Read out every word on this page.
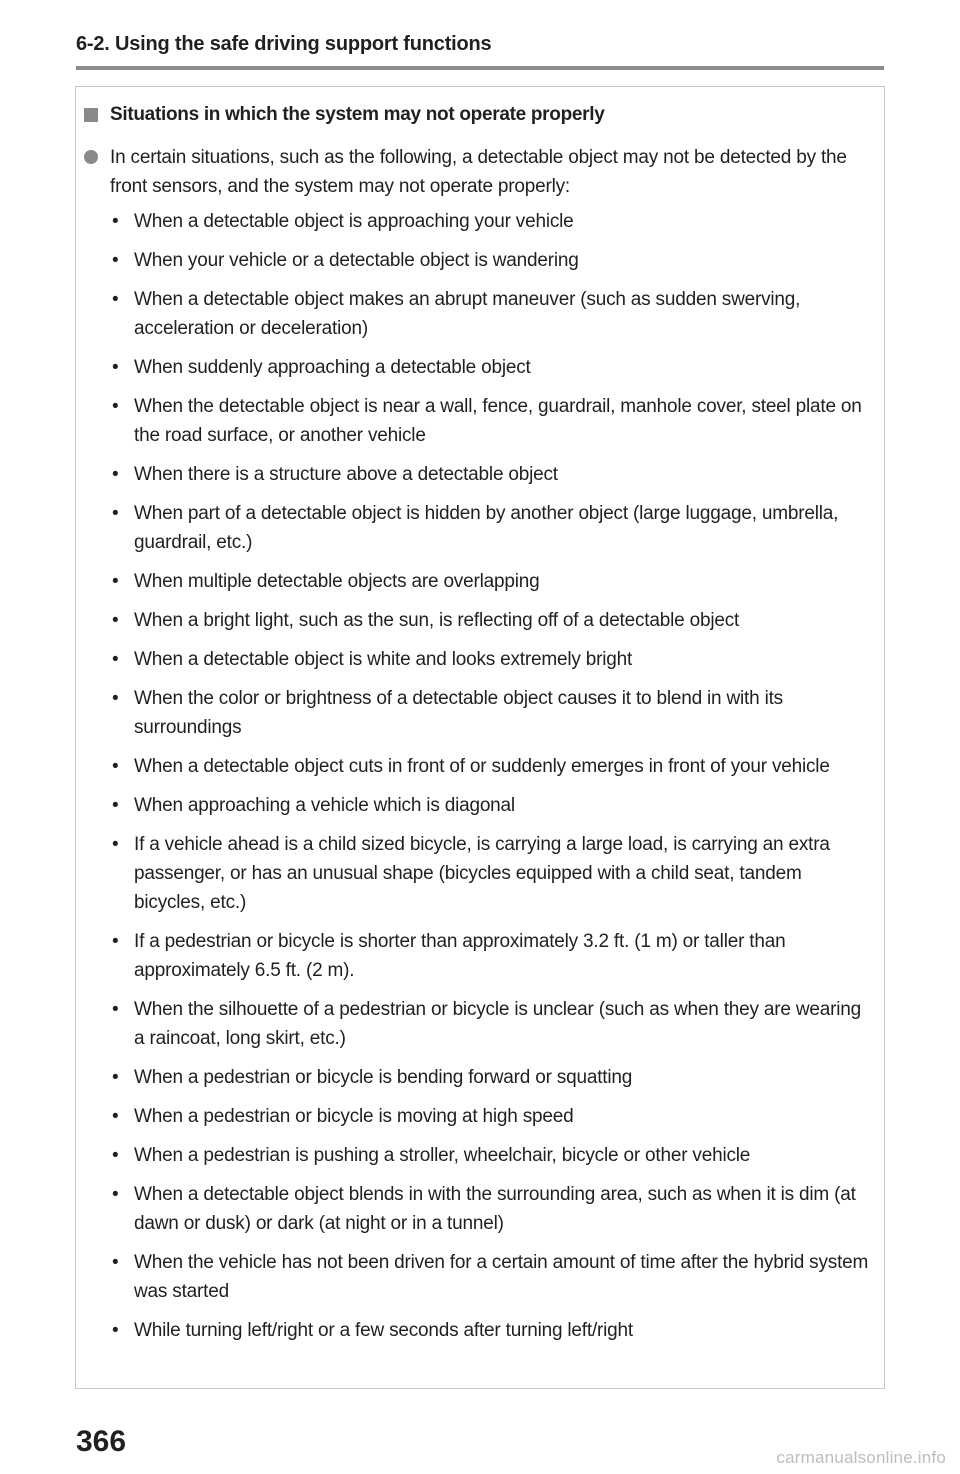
6-2. Using the safe driving support functions
Situations in which the system may not operate properly
In certain situations, such as the following, a detectable object may not be detected by the front sensors, and the system may not operate properly:
• When a detectable object is approaching your vehicle
• When your vehicle or a detectable object is wandering
• When a detectable object makes an abrupt maneuver (such as sudden swerving, acceleration or deceleration)
• When suddenly approaching a detectable object
• When the detectable object is near a wall, fence, guardrail, manhole cover, steel plate on the road surface, or another vehicle
• When there is a structure above a detectable object
• When part of a detectable object is hidden by another object (large luggage, umbrella, guardrail, etc.)
• When multiple detectable objects are overlapping
• When a bright light, such as the sun, is reflecting off of a detectable object
• When a detectable object is white and looks extremely bright
• When the color or brightness of a detectable object causes it to blend in with its surroundings
• When a detectable object cuts in front of or suddenly emerges in front of your vehicle
• When approaching a vehicle which is diagonal
• If a vehicle ahead is a child sized bicycle, is carrying a large load, is carrying an extra passenger, or has an unusual shape (bicycles equipped with a child seat, tandem bicycles, etc.)
• If a pedestrian or bicycle is shorter than approximately 3.2 ft. (1 m) or taller than approximately 6.5 ft. (2 m).
• When the silhouette of a pedestrian or bicycle is unclear (such as when they are wearing a raincoat, long skirt, etc.)
• When a pedestrian or bicycle is bending forward or squatting
• When a pedestrian or bicycle is moving at high speed
• When a pedestrian is pushing a stroller, wheelchair, bicycle or other vehicle
• When a detectable object blends in with the surrounding area, such as when it is dim (at dawn or dusk) or dark (at night or in a tunnel)
• When the vehicle has not been driven for a certain amount of time after the hybrid system was started
• While turning left/right or a few seconds after turning left/right
366	carmanualsonline.info
